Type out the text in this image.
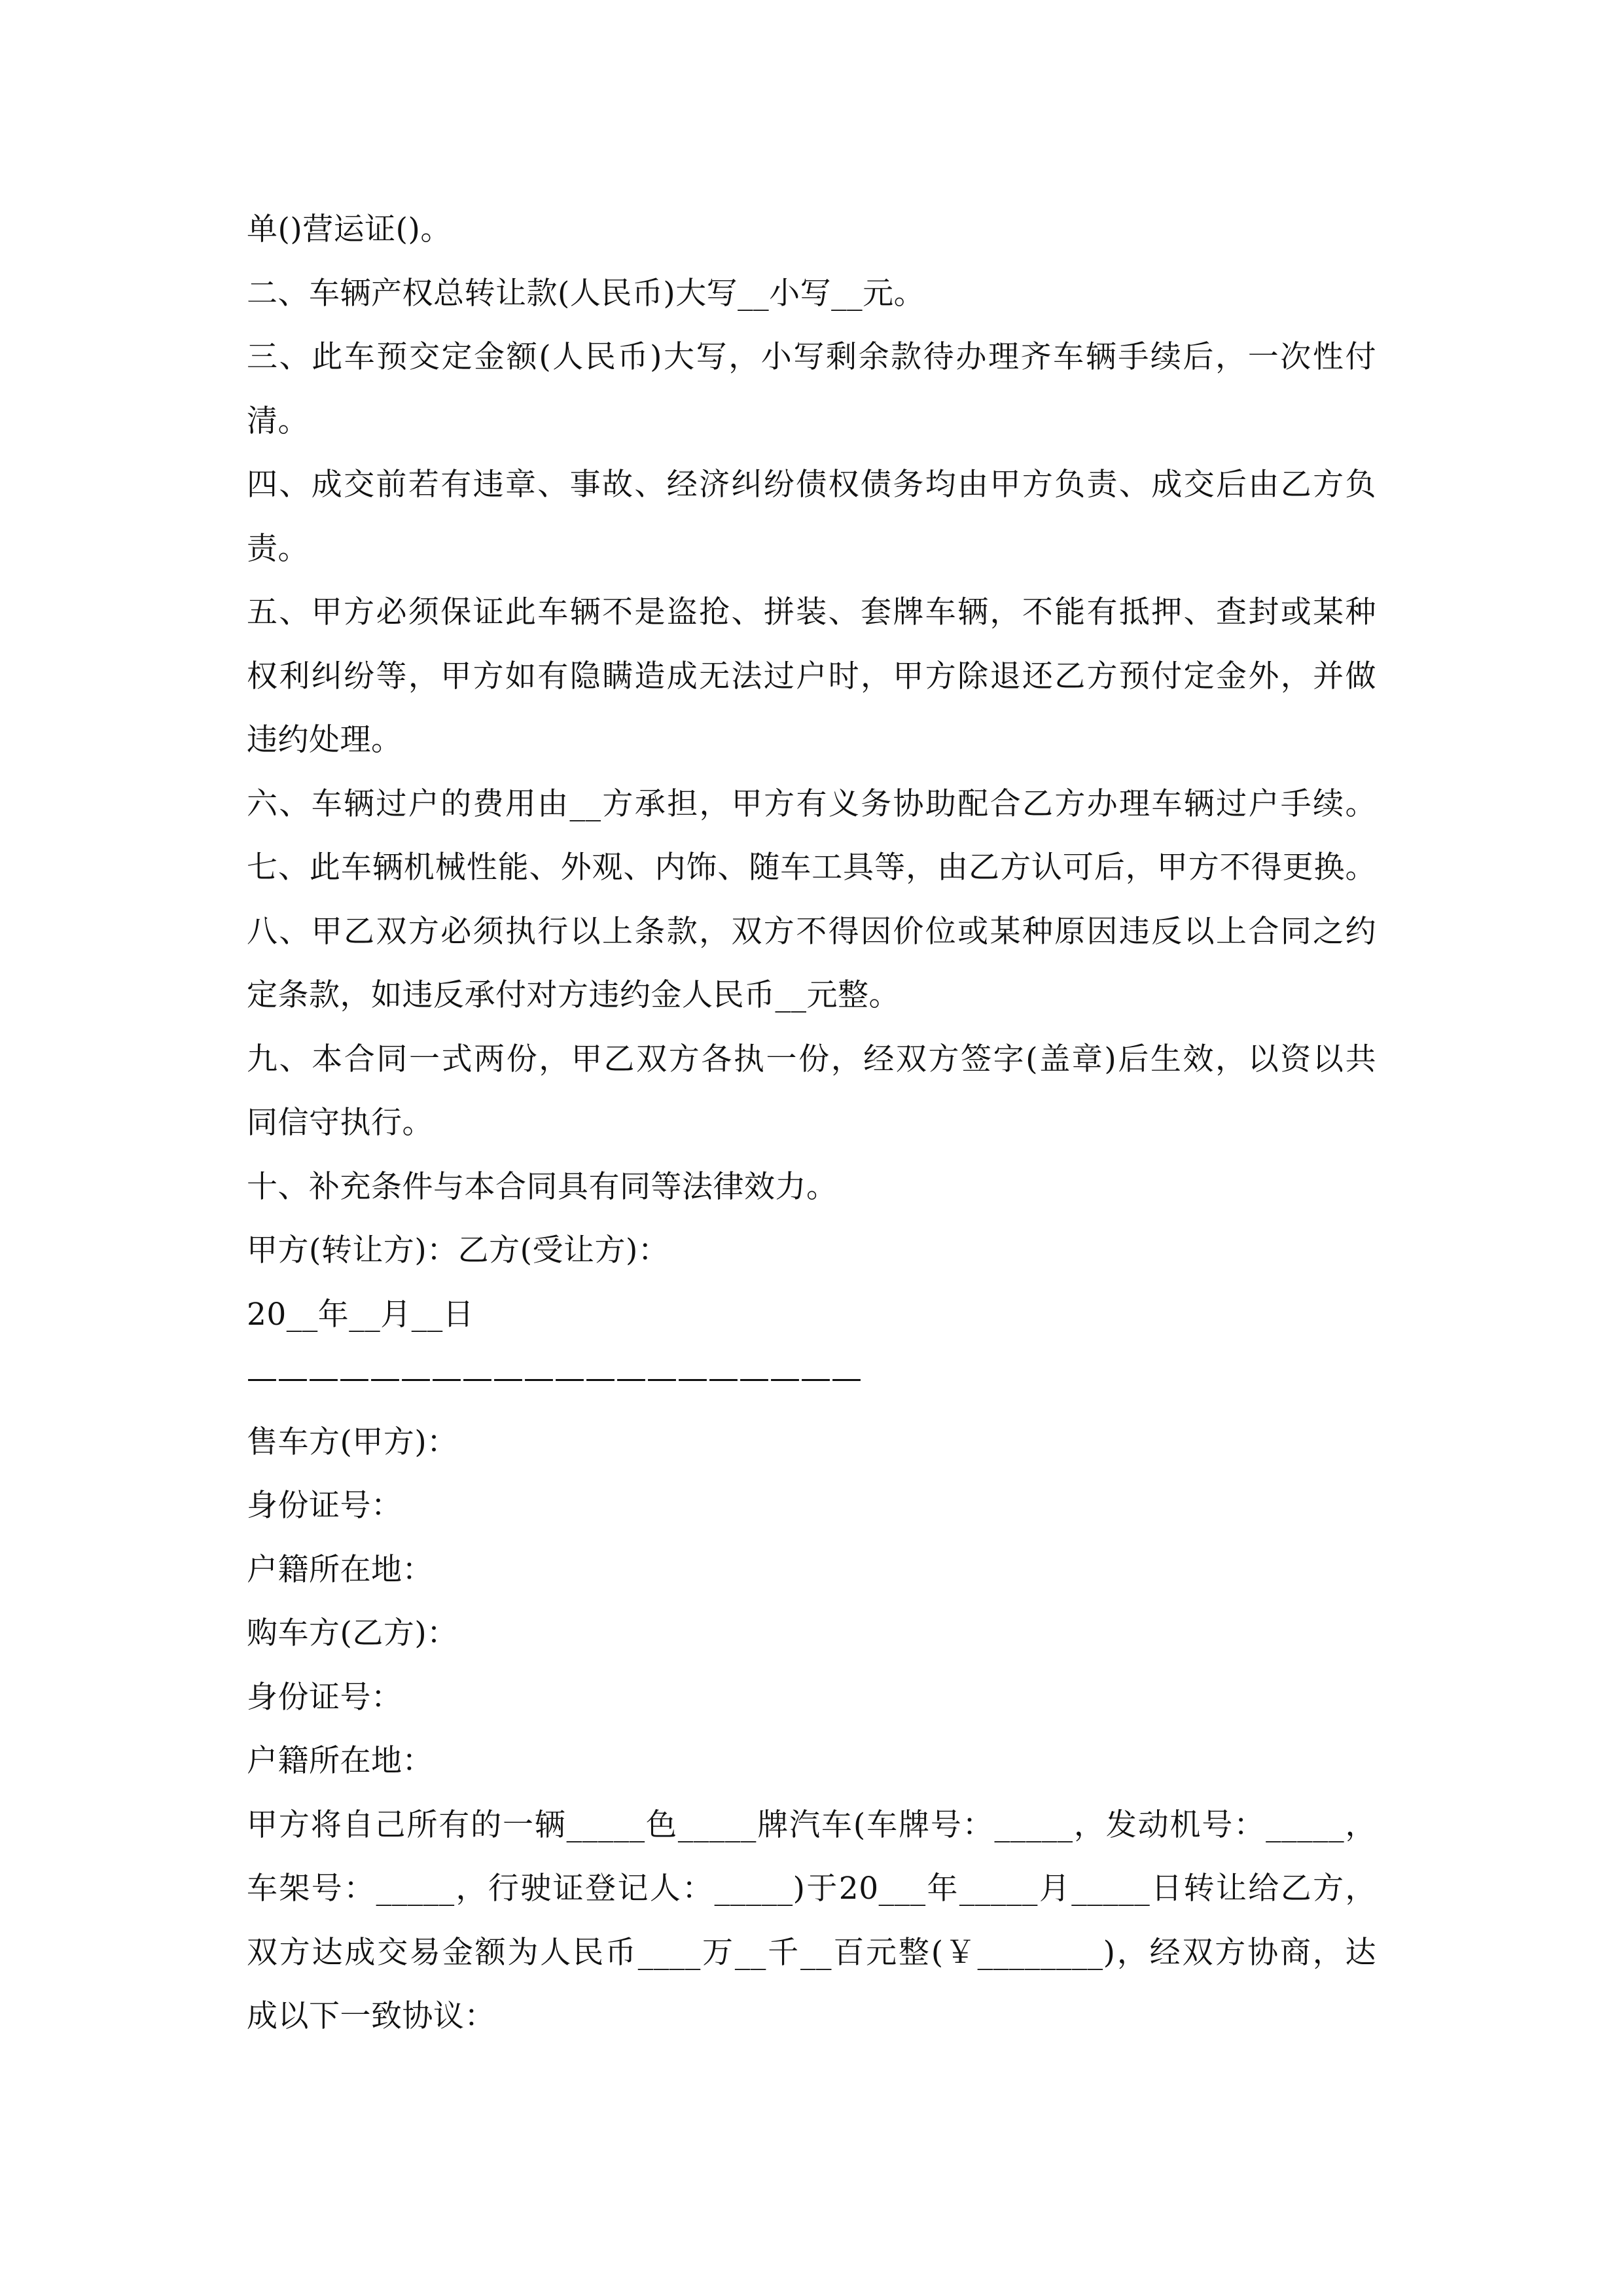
单()营运证()。
二、车辆产权总转让款(人民币)大写__小写__元。
三、此车预交定金额(人民币)大写，小写剩余款待办理齐车辆手续后，一次性付
清。
四、成交前若有违章、事故、经济纠纷债权债务均由甲方负责、成交后由乙方负
责。
五、甲方必须保证此车辆不是盗抢、拼装、套牌车辆，不能有抵押、查封或某种
权利纠纷等，甲方如有隐瞒造成无法过户时，甲方除退还乙方预付定金外，并做
违约处理。
六、车辆过户的费用由__方承担，甲方有义务协助配合乙方办理车辆过户手续。
七、此车辆机械性能、外观、内饰、随车工具等，由乙方认可后，甲方不得更换。
八、甲乙双方必须执行以上条款，双方不得因价位或某种原因违反以上合同之约
定条款，如违反承付对方违约金人民币__元整。
九、本合同一式两份，甲乙双方各执一份，经双方签字(盖章)后生效，以资以共
同信守执行。
十、补充条件与本合同具有同等法律效力。
甲方(转让方)：乙方(受让方)：
20__年__月__日
————————————————————
售车方(甲方)：
身份证号：
户籍所在地：
购车方(乙方)：
身份证号：
户籍所在地：
甲方将自己所有的一辆_____色_____牌汽车(车牌号：_____，发动机号：_____，
车架号：_____，行驶证登记人：_____)于20___年_____月_____日转让给乙方，
双方达成交易金额为人民币____万__千__百元整(￥________)，经双方协商，达
成以下一致协议：
